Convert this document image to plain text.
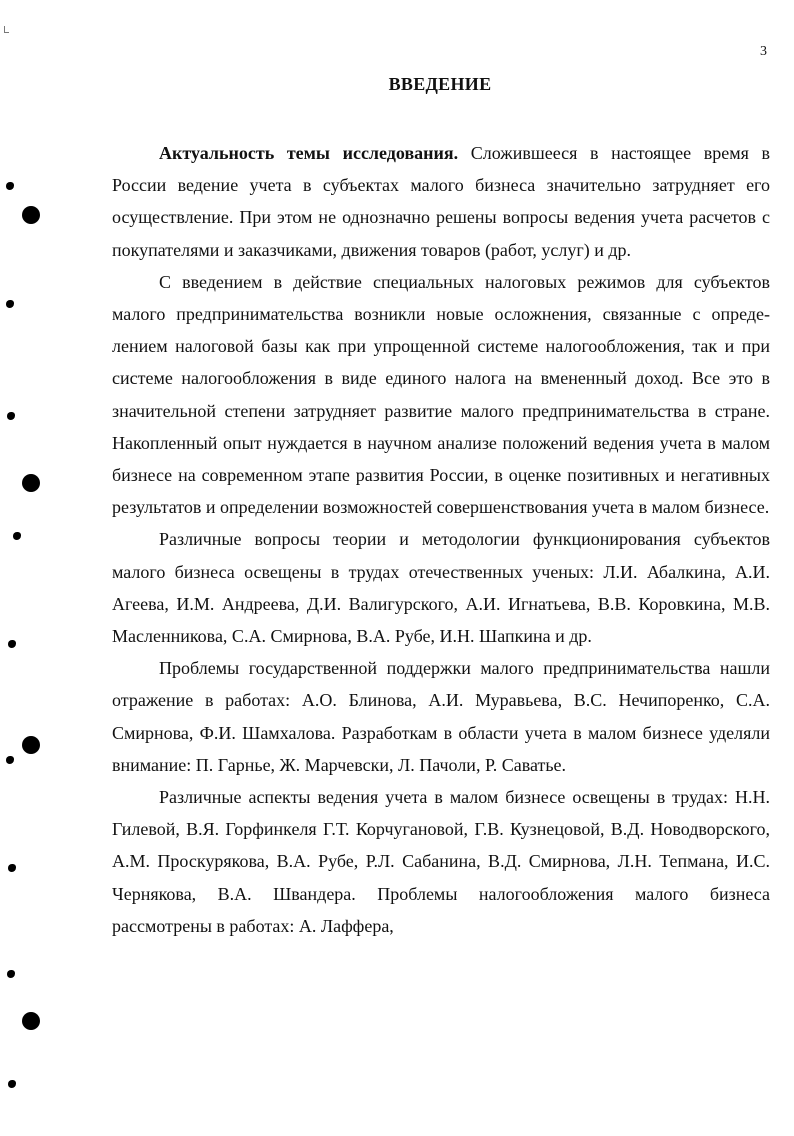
3
ВВЕДЕНИЕ

Актуальность темы исследования. Сложившееся в настоящее время в России ведение учета в субъектах малого бизнеса значительно затрудняет его осуществление. При этом не однозначно решены вопросы ведения учета расчетов с покупателями и заказчиками, движения товаров (работ, услуг) и др.

С введением в действие специальных налоговых режимов для субъектов малого предпринимательства возникли новые осложнения, связанные с определением налоговой базы как при упрощенной системе налогообложения, так и при системе налогообложения в виде единого налога на вмененный доход. Все это в значительной степени затрудняет развитие малого предпринимательства в стране. Накопленный опыт нуждается в научном анализе положений ведения учета в малом бизнесе на современном этапе развития России, в оценке позитивных и негативных результатов и определении возможностей совершенствования учета в малом бизнесе.

Различные вопросы теории и методологии функционирования субъектов малого бизнеса освещены в трудах отечественных ученых: Л.И. Абалкина, А.И. Агеева, И.М. Андреева, Д.И. Валигурского, А.И. Игнатьева, В.В. Коровкина, М.В. Масленникова, С.А. Смирнова, В.А. Рубе, И.Н. Шапкина и др.

Проблемы государственной поддержки малого предпринимательства нашли отражение в работах: А.О. Блинова, А.И. Муравьева, В.С. Нечипоренко, С.А. Смирнова, Ф.И. Шамхалова. Разработкам в области учета в малом бизнесе уделяли внимание: П. Гарнье, Ж. Марчевски, Л. Пачоли, Р. Саватье.

Различные аспекты ведения учета в малом бизнесе освещены в трудах: Н.Н. Гилевой, В.Я. Горфинкеля Г.Т. Корчугановой, Г.В. Кузнецовой, В.Д. Новодворского, А.М. Проскурякова, В.А. Рубе, Р.Л. Сабанина, В.Д. Смирнова, Л.Н. Тепмана, И.С. Чернякова, В.А. Швандера. Проблемы налогообложения малого бизнеса рассмотрены в работах: А. Лаффера,
